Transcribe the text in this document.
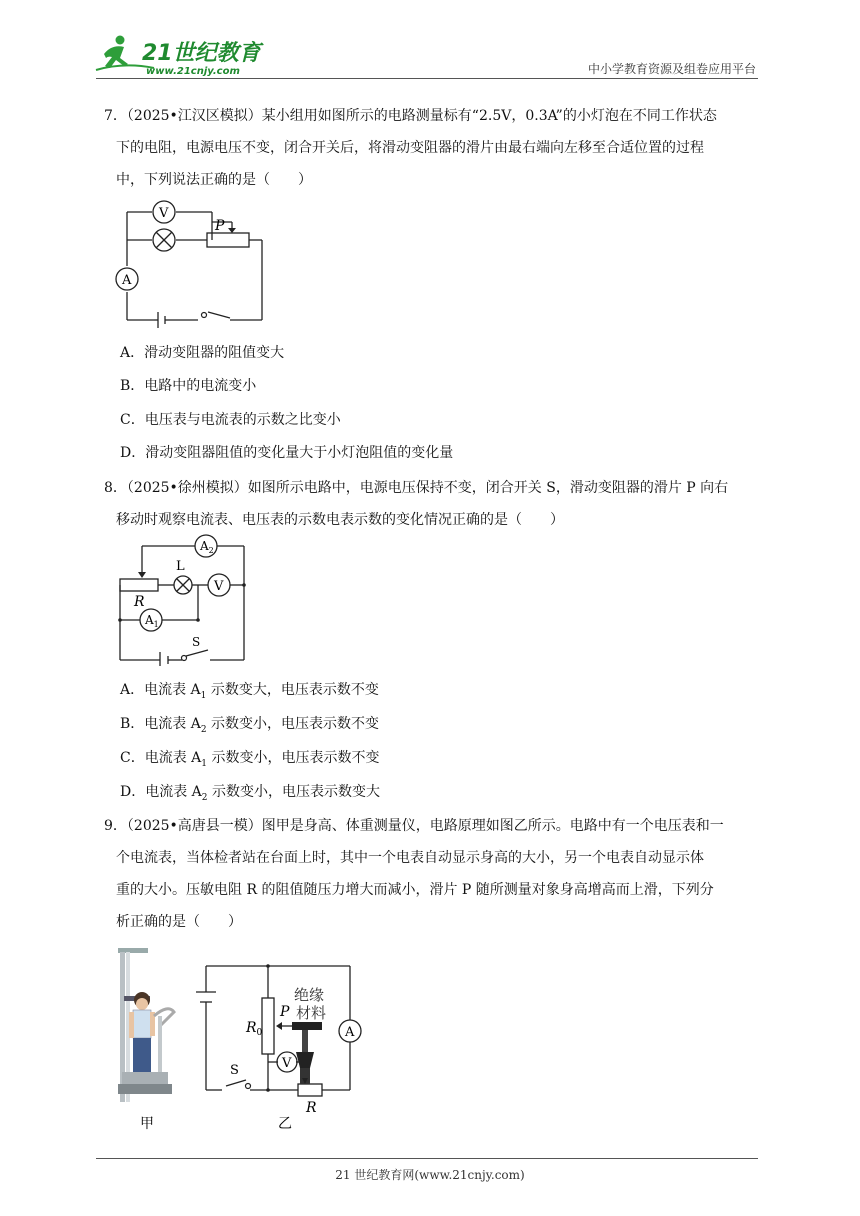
21世纪教育
www.21cnjy.com	中小学教育资源及组卷应用平台
7．（2025•江汉区模拟）某小组用如图所示的电路测量标有“2.5V，0.3A”的小灯泡在不同工作状态
下的电阻，电源电压不变，闭合开关后，将滑动变阻器的滑片由最右端向左移至合适位置的过程
中，下列说法正确的是（　　）
V
A
P
A．滑动变阻器的阻值变大
B．电路中的电流变小
C．电压表与电流表的示数之比变小
D．滑动变阻器阻值的变化量大于小灯泡阻值的变化量
8．（2025•徐州模拟）如图所示电路中，电源电压保持不变，闭合开关 S，滑动变阻器的滑片 P 向右
移动时观察电流表、电压表的示数电表示数的变化情况正确的是（　　）
$A_2$
$A_1$
L
V
R
S
A．电流表 $A_1$ 示数变大，电压表示数不变
B．电流表 $A_2$ 示数变小，电压表示数不变
C．电流表 $A_1$ 示数变小，电压表示数不变
D．电流表 $A_2$ 示数变小，电压表示数变大
9．（2025•高唐县一模）图甲是身高、体重测量仪，电路原理如图乙所示。电路中有一个电压表和一
个电流表，当体检者站在台面上时，其中一个电表自动显示身高的大小，另一个电表自动显示体
重的大小。压敏电阻 R 的阻值随压力增大而减小，滑片 P 随所测量对象身高增高而上滑，下列分
析正确的是（　　）
甲
绝缘
材料
P
$R_0$
V
A
S
R
乙
21 世纪教育网(www.21cnjy.com)
